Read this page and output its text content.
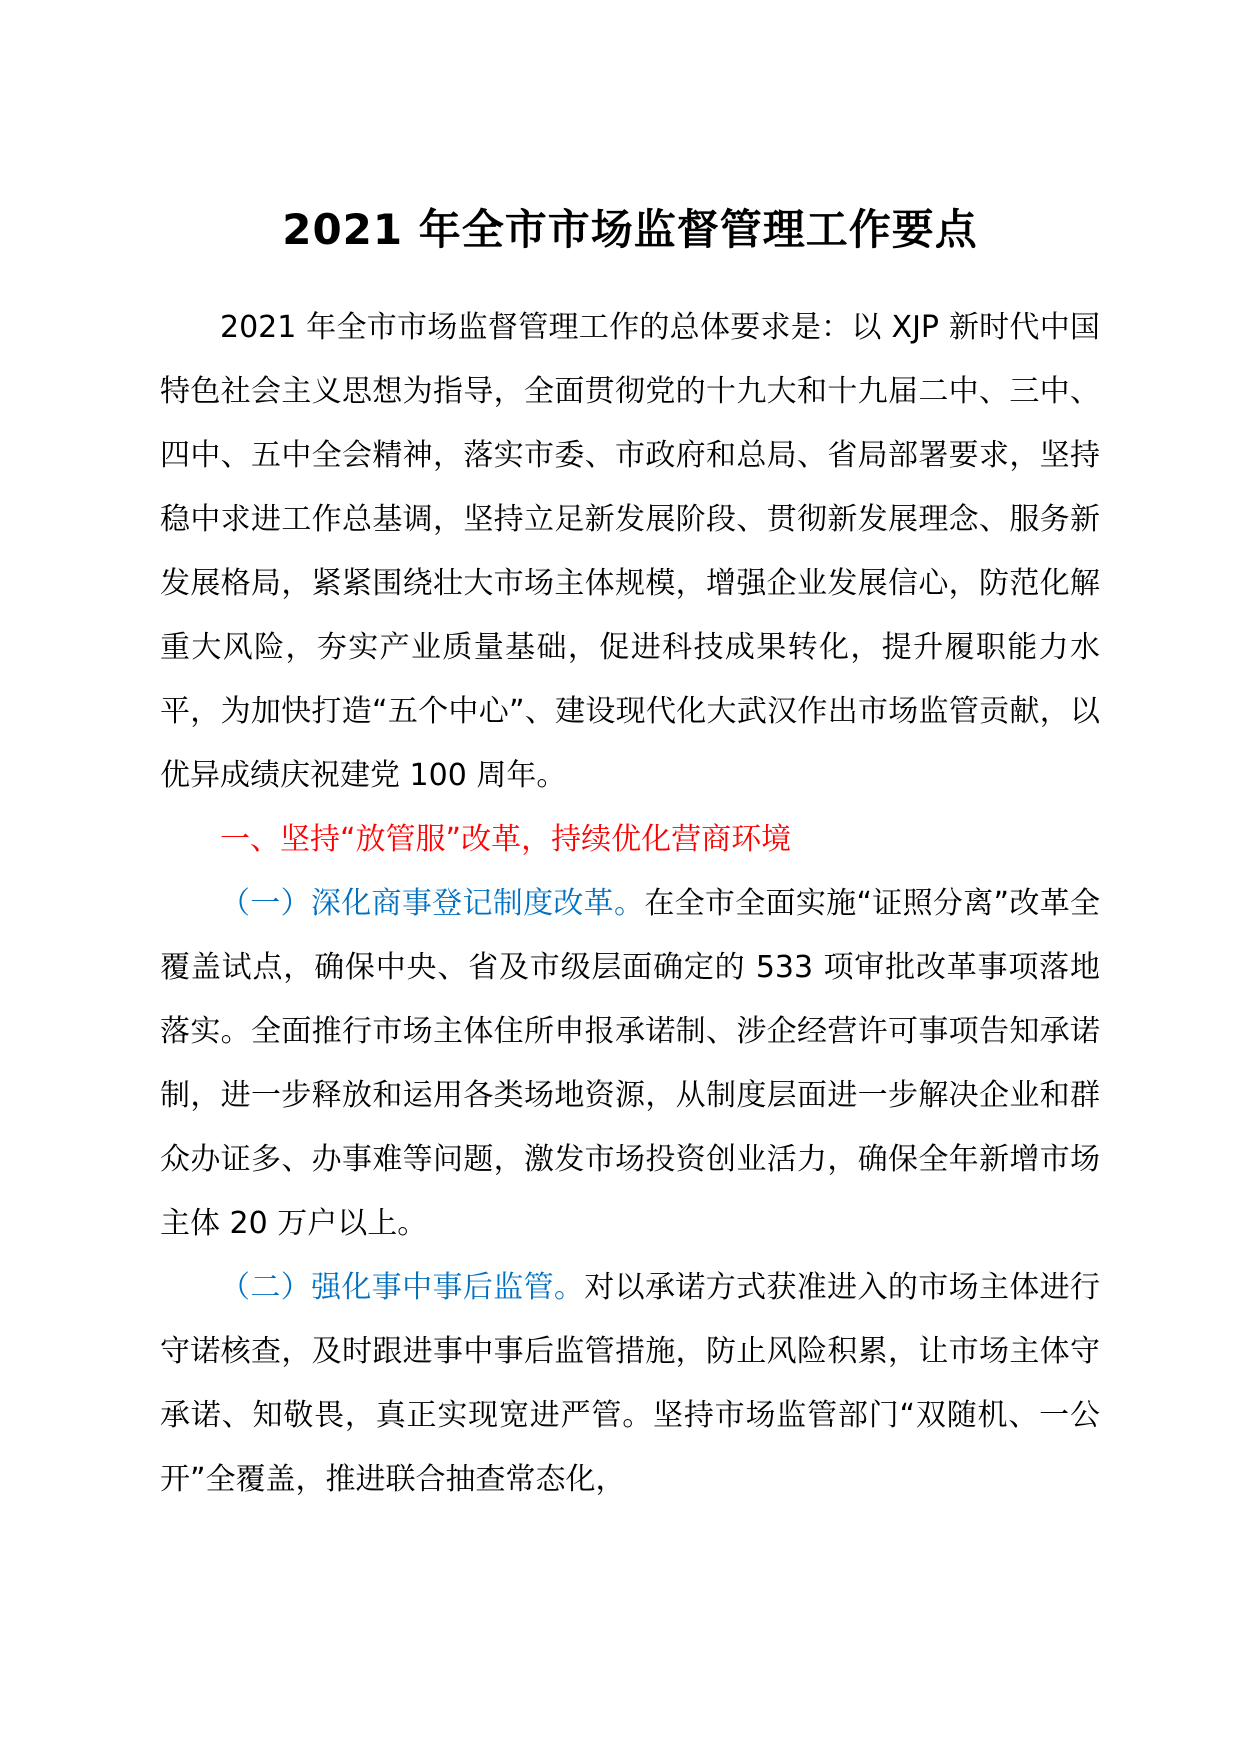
2021 年全市市场监督管理工作要点

2021 年全市市场监督管理工作的总体要求是：以 XJP 新时代中国特色社会主义思想为指导，全面贯彻党的十九大和十九届二中、三中、四中、五中全会精神，落实市委、市政府和总局、省局部署要求，坚持稳中求进工作总基调，坚持立足新发展阶段、贯彻新发展理念、服务新发展格局，紧紧围绕壮大市场主体规模，增强企业发展信心，防范化解重大风险，夯实产业质量基础，促进科技成果转化，提升履职能力水平，为加快打造“五个中心”、建设现代化大武汉作出市场监管贡献，以优异成绩庆祝建党 100 周年。

一、坚持“放管服”改革，持续优化营商环境

（一）深化商事登记制度改革。在全市全面实施“证照分离”改革全覆盖试点，确保中央、省及市级层面确定的 533 项审批改革事项落地落实。全面推行市场主体住所申报承诺制、涉企经营许可事项告知承诺制，进一步释放和运用各类场地资源，从制度层面进一步解决企业和群众办证多、办事难等问题，激发市场投资创业活力，确保全年新增市场主体 20 万户以上。

（二）强化事中事后监管。对以承诺方式获准进入的市场主体进行守诺核查，及时跟进事中事后监管措施，防止风险积累，让市场主体守承诺、知敬畏，真正实现宽进严管。坚持市场监管部门“双随机、一公开”全覆盖，推进联合抽查常态化，
